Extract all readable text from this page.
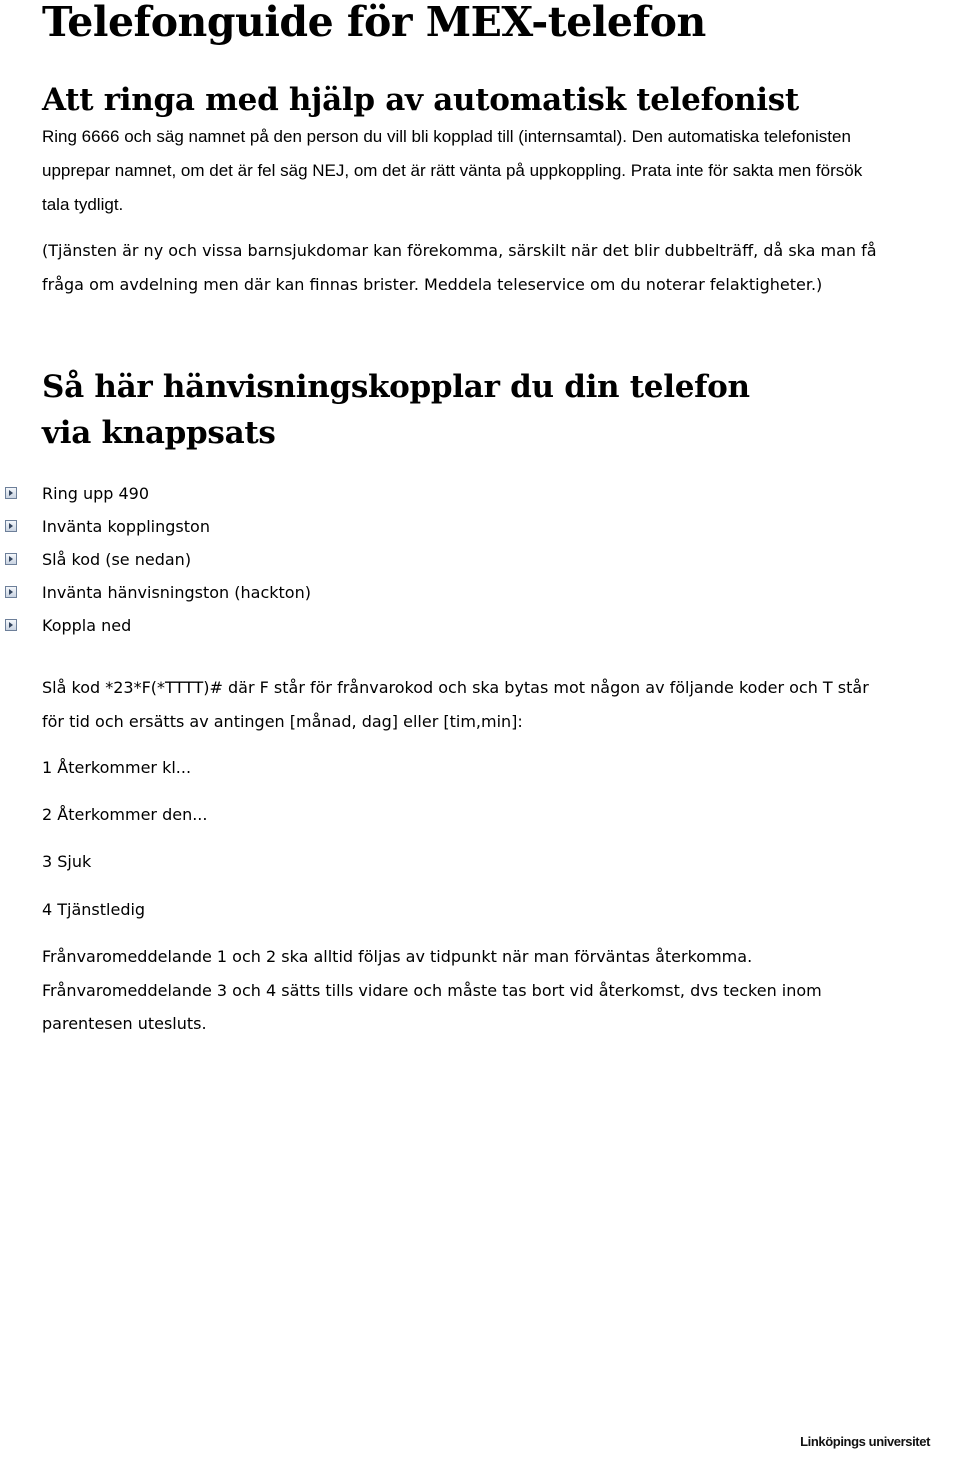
Telefonguide för MEX-telefon
Att ringa med hjälp av automatisk telefonist

Ring 6666 och säg namnet på den person du vill bli kopplad till (internsamtal). Den automatiska telefonisten upprepar namnet, om det är fel säg NEJ, om det är rätt vänta på uppkoppling. Prata inte för sakta men försök tala tydligt.

(Tjänsten är ny och vissa barnsjukdomar kan förekomma, särskilt när det blir dubbelträff, då ska man få fråga om avdelning men där kan finnas brister. Meddela teleservice om du noterar felaktigheter.)

Så här hänvisningskopplar du din telefon via knappsats
Ring upp 490
Invänta kopplingston
Slå kod (se nedan)
Invänta hänvisningston (hackton)
Koppla ned

Slå kod *23*F(*TTTT)# där F står för frånvarokod och ska bytas mot någon av följande koder och T står för tid och ersätts av antingen [månad, dag] eller [tim,min]:

1 Återkommer kl...

2 Återkommer den...

3 Sjuk

4 Tjänstledig

Frånvaromeddelande 1 och 2 ska alltid följas av tidpunkt när man förväntas återkomma. Frånvaromeddelande 3 och 4 sätts tills vidare och måste tas bort vid återkomst, dvs tecken inom parentesen utesluts.

Linköpings universitet
